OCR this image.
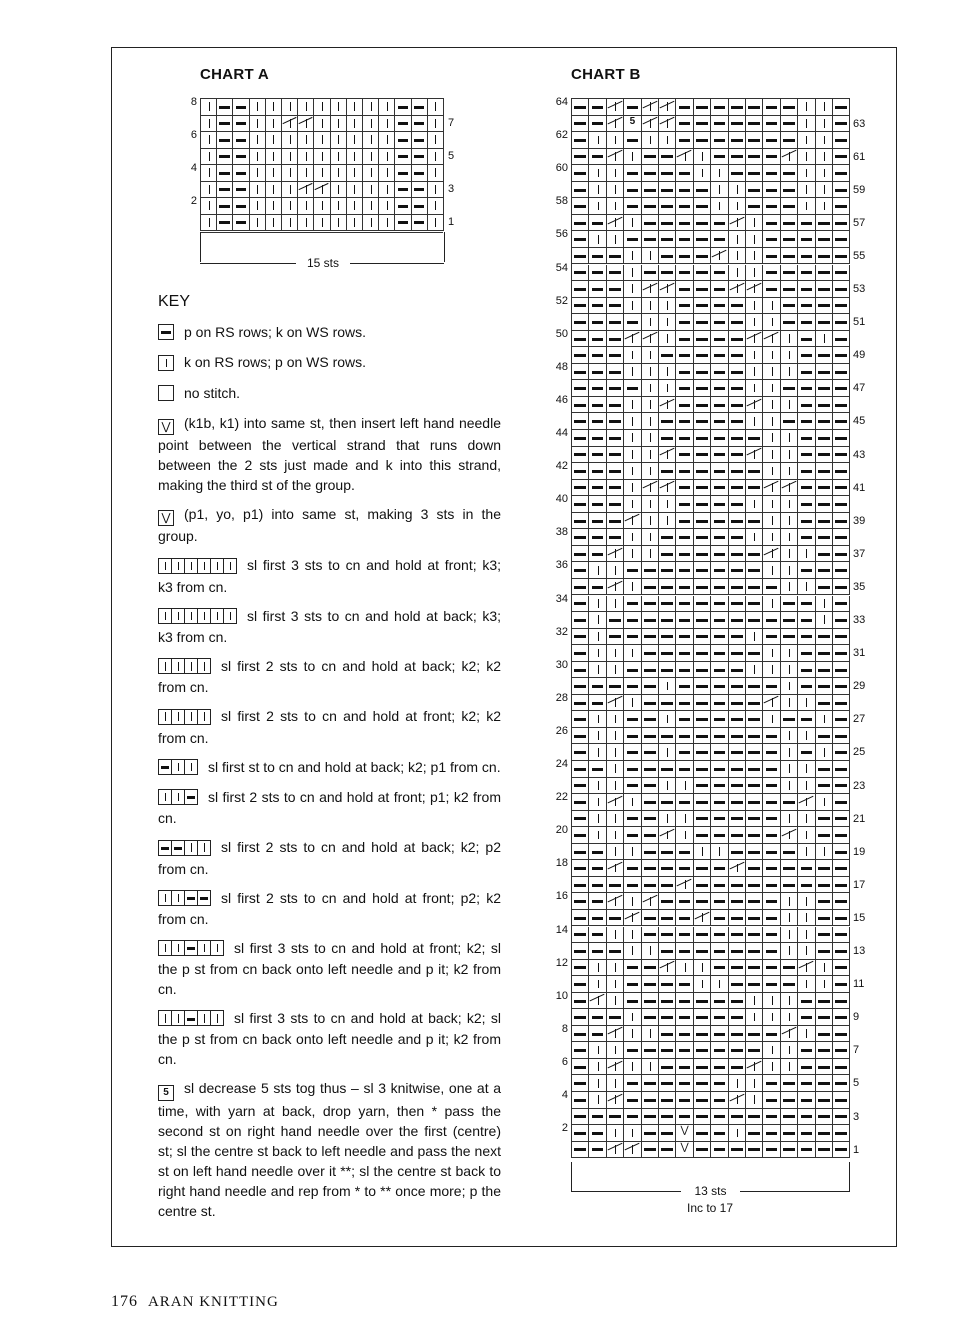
CHART A	CHART B
8
6
4
2
7
5
3
1
5
⋁
⋁
64
62
60
58
56
54
52
50
48
46
44
42
40
38
36
34
32
30
28
26
24
22
20
18
16
14
12
10
8
6
4
2
63
61
59
57
55
53
51
49
47
45
43
41
39
37
35
33
31
29
27
25
23
21
19
17
15
13
11
9
7
5
3
1
15 sts
13 sts
Inc to 17
KEY
p on RS rows; k on WS rows.
k on RS rows; p on WS rows.
no stitch.
⋁ (k1b, k1) into same st, then insert left hand needle point between the vertical strand that runs down between the 2 sts just made and k into this strand, making the third st of the group.
⋁ (p1, yo, p1) into same st, making 3 sts in the group.
sl first 3 sts to cn and hold at front; k3; k3 from cn.
sl first 3 sts to cn and hold at back; k3; k3 from cn.
sl first 2 sts to cn and hold at back; k2; k2 from cn.
sl first 2 sts to cn and hold at front; k2; k2 from cn.
sl first st to cn and hold at back; k2; p1 from cn.
sl first 2 sts to cn and hold at front; p1; k2 from cn.
sl first 2 sts to cn and hold at back; k2; p2 from cn.
sl first 2 sts to cn and hold at front; p2; k2 from cn.
sl first 3 sts to cn and hold at front; k2; sl the p st from cn back onto left needle and p it; k2 from cn.
sl first 3 sts to cn and hold at back; k2; sl the p st from cn back onto left needle and p it; k2 from cn.
5 sl decrease 5 sts tog thus – sl 3 knitwise, one at a time, with yarn at back, drop yarn, then * pass the second st on right hand needle over the first (centre) st; sl the centre st back to left needle and pass the next st on left hand needle over it **; sl the centre st back to right hand needle and rep from * to ** once more; p the centre st.
176 ARAN KNITTING
